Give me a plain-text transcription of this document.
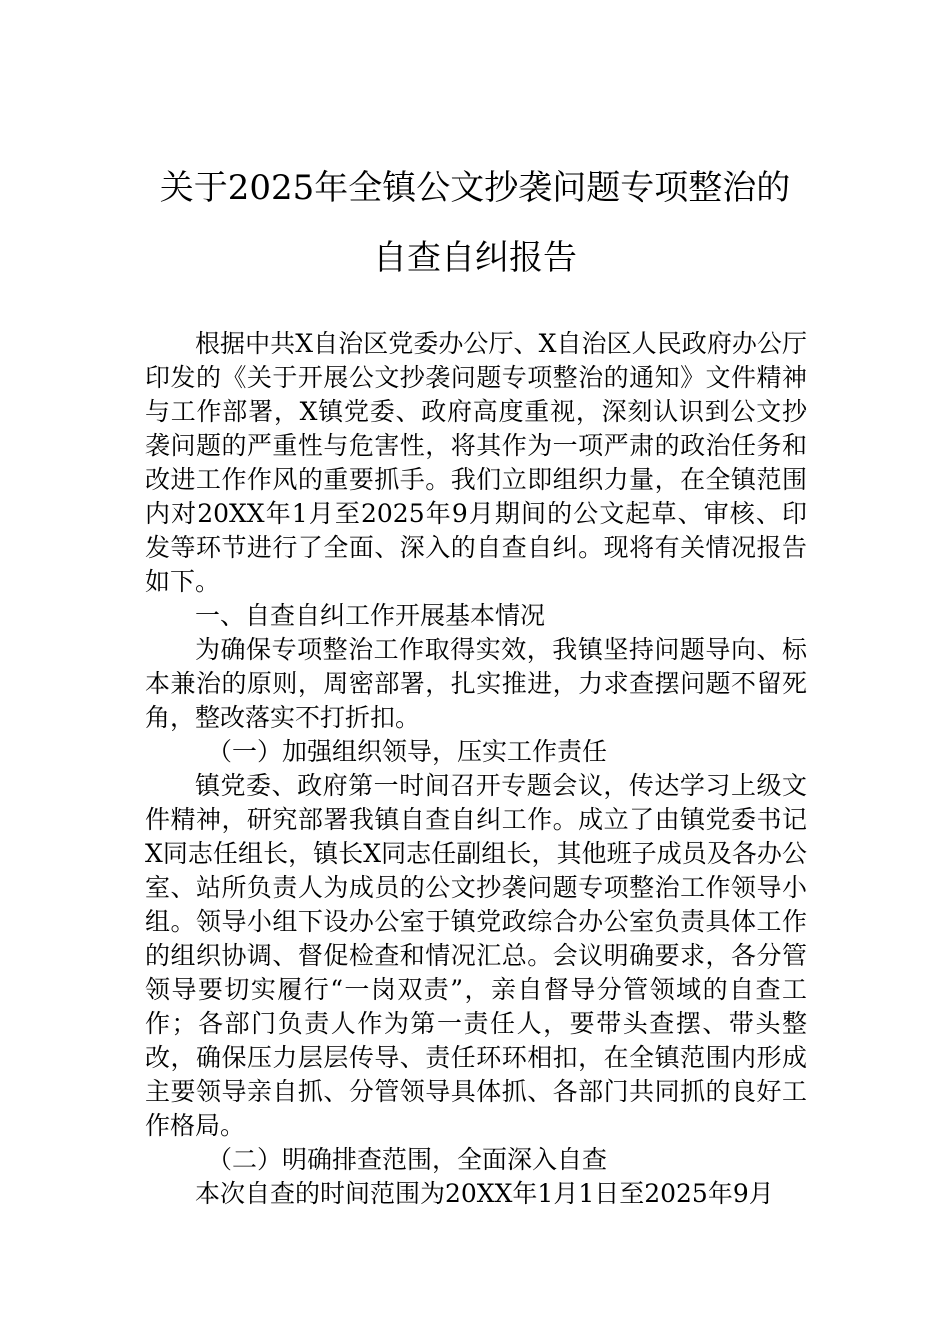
关于2025年全镇公文抄袭问题专项整治的
自查自纠报告

根据中共X自治区党委办公厅、X自治区人民政府办公厅印发的《关于开展公文抄袭问题专项整治的通知》文件精神与工作部署，X镇党委、政府高度重视，深刻认识到公文抄袭问题的严重性与危害性，将其作为一项严肃的政治任务和改进工作作风的重要抓手。我们立即组织力量，在全镇范围内对20XX年1月至2025年9月期间的公文起草、审核、印发等环节进行了全面、深入的自查自纠。现将有关情况报告如下。

一、自查自纠工作开展基本情况

为确保专项整治工作取得实效，我镇坚持问题导向、标本兼治的原则，周密部署，扎实推进，力求查摆问题不留死角，整改落实不打折扣。

（一）加强组织领导，压实工作责任

镇党委、政府第一时间召开专题会议，传达学习上级文件精神，研究部署我镇自查自纠工作。成立了由镇党委书记X同志任组长，镇长X同志任副组长，其他班子成员及各办公室、站所负责人为成员的公文抄袭问题专项整治工作领导小组。领导小组下设办公室于镇党政综合办公室负责具体工作的组织协调、督促检查和情况汇总。会议明确要求，各分管领导要切实履行“一岗双责”，亲自督导分管领域的自查工作；各部门负责人作为第一责任人，要带头查摆、带头整改，确保压力层层传导、责任环环相扣，在全镇范围内形成主要领导亲自抓、分管领导具体抓、各部门共同抓的良好工作格局。

（二）明确排查范围，全面深入自查

本次自查的时间范围为20XX年1月1日至2025年9月
